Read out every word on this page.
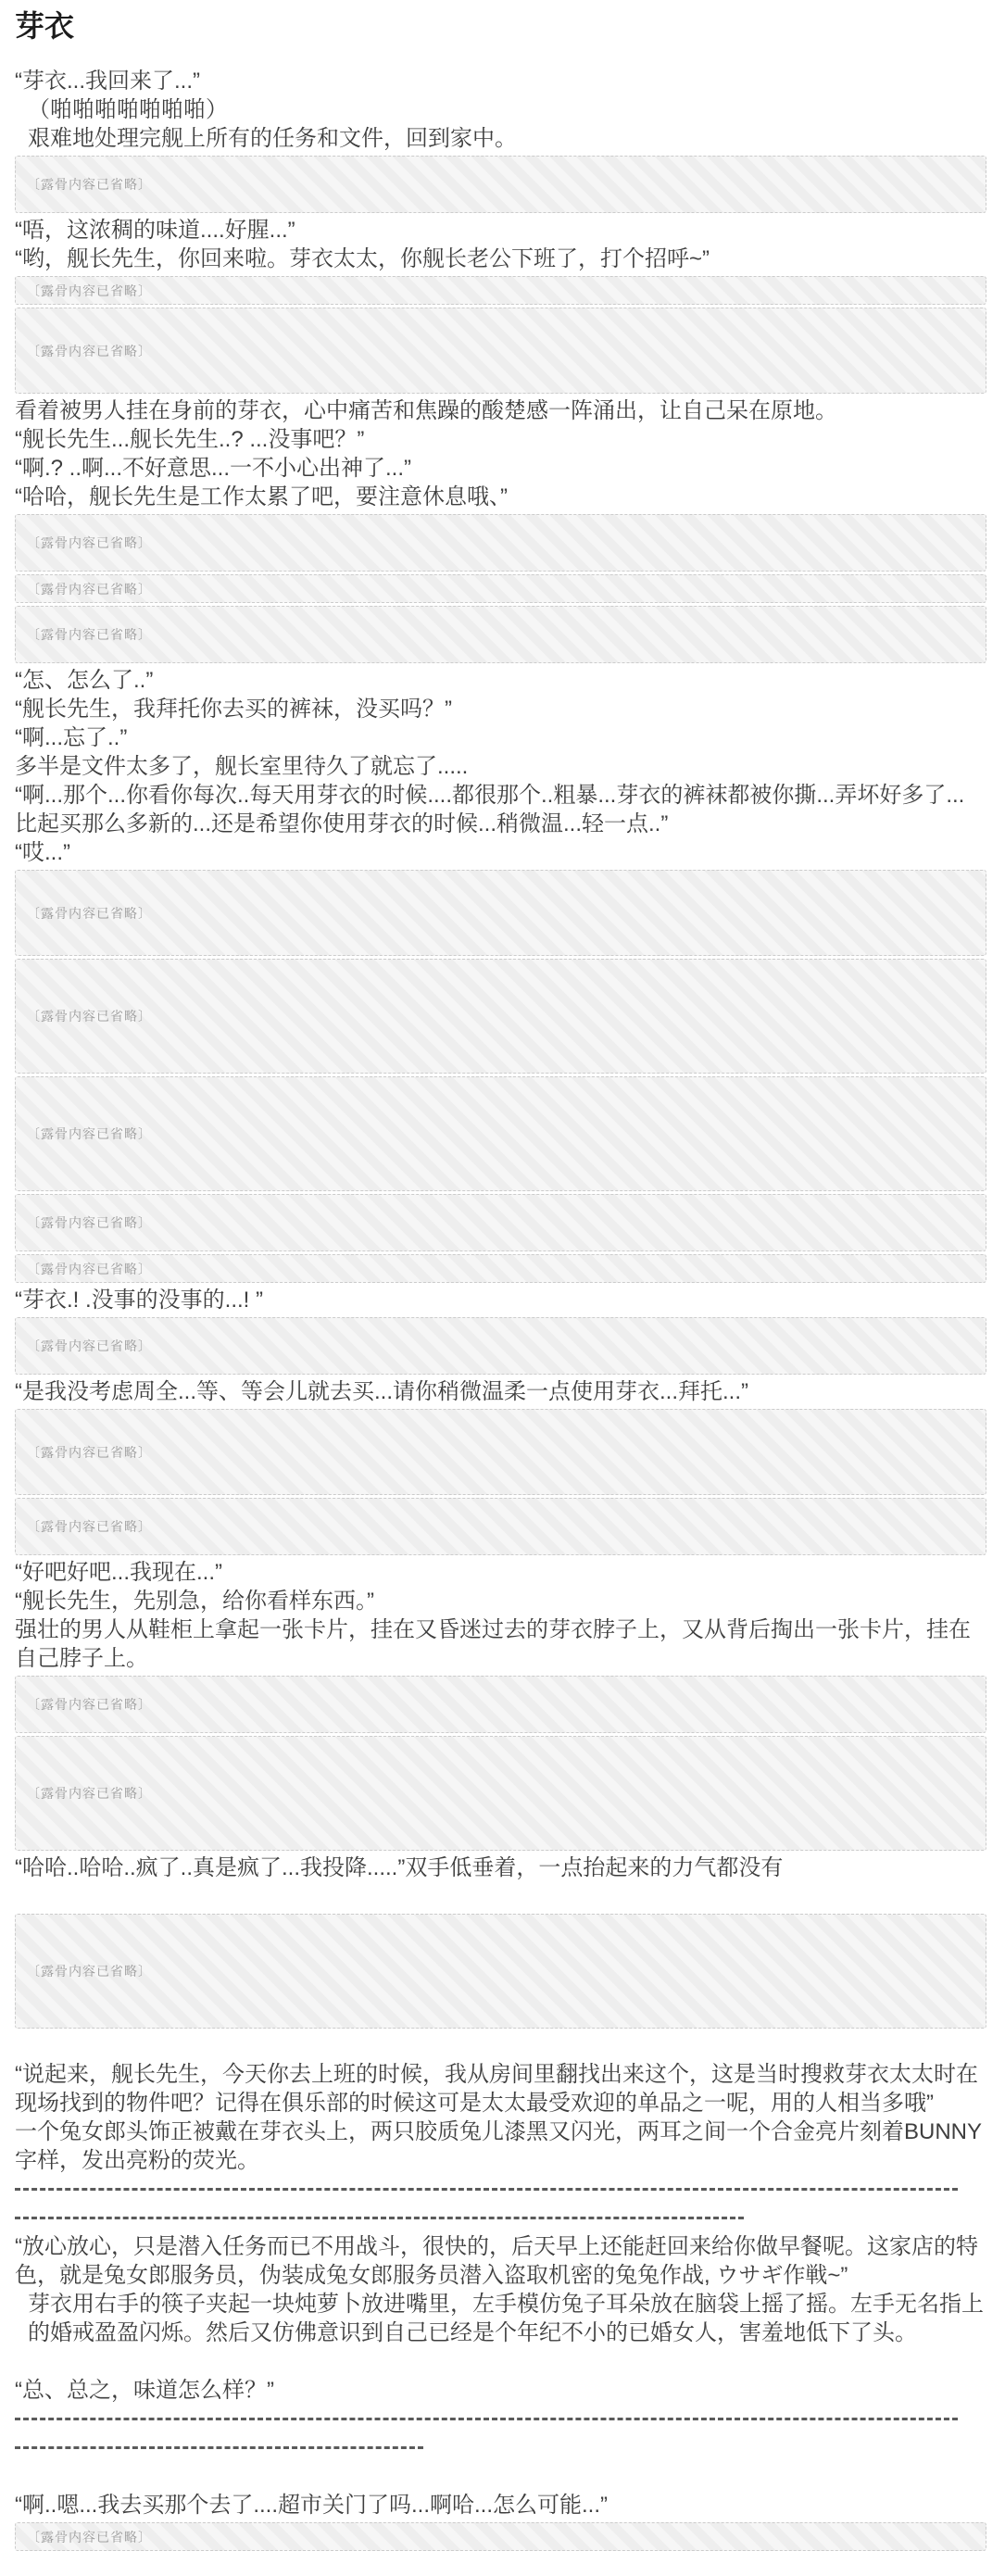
芽衣

“芽衣...我回来了...”

（啪啪啪啪啪啪啪）

艰难地处理完舰上所有的任务和文件，回到家中。

〔露骨内容已省略〕

“唔，这浓稠的味道....好腥...”

“哟，舰长先生，你回来啦。芽衣太太，你舰长老公下班了，打个招呼~”

〔露骨内容已省略〕
〔露骨内容已省略〕

看着被男人挂在身前的芽衣，心中痛苦和焦躁的酸楚感一阵涌出，让自己呆在原地。

“舰长先生...舰长先生..? ...没事吧？”

“啊.? ..啊...不好意思...一不小心出神了...”

“哈哈，舰长先生是工作太累了吧，要注意休息哦、”

〔露骨内容已省略〕
〔露骨内容已省略〕
〔露骨内容已省略〕

“怎、怎么了..”

“舰长先生，我拜托你去买的裤袜，没买吗？”

“啊...忘了..”

多半是文件太多了，舰长室里待久了就忘了.....

“啊...那个...你看你每次..每天用芽衣的时候....都很那个..粗暴...芽衣的裤袜都被你撕...弄坏好多了...比起买那么多新的...还是希望你使用芽衣的时候...稍微温...轻一点..”

“哎...”

〔露骨内容已省略〕
〔露骨内容已省略〕
〔露骨内容已省略〕
〔露骨内容已省略〕
〔露骨内容已省略〕

“芽衣.! .没事的没事的...! ”

〔露骨内容已省略〕

“是我没考虑周全...等、等会儿就去买...请你稍微温柔一点使用芽衣...拜托...”

〔露骨内容已省略〕
〔露骨内容已省略〕

“好吧好吧...我现在...”

“舰长先生，先别急，给你看样东西。”

强壮的男人从鞋柜上拿起一张卡片，挂在又昏迷过去的芽衣脖子上，又从背后掏出一张卡片，挂在自己脖子上。

〔露骨内容已省略〕
〔露骨内容已省略〕

“哈哈..哈哈..疯了..真是疯了...我投降.....”双手低垂着，一点抬起来的力气都没有

〔露骨内容已省略〕

“说起来，舰长先生，今天你去上班的时候，我从房间里翻找出来这个，这是当时搜救芽衣太太时在现场找到的物件吧？记得在俱乐部的时候这可是太太最受欢迎的单品之一呢，用的人相当多哦”

一个兔女郎头饰正被戴在芽衣头上，两只胶质兔儿漆黑又闪光，两耳之间一个合金亮片刻着BUNNY字样，发出亮粉的荧光。

“放心放心，只是潜入任务而已不用战斗，很快的，后天早上还能赶回来给你做早餐呢。这家店的特色，就是兔女郎服务员，伪装成兔女郎服务员潜入盗取机密的兔兔作战, ウサギ作戦~”

芽衣用右手的筷子夹起一块炖萝卜放进嘴里，左手模仿兔子耳朵放在脑袋上摇了摇。左手无名指上的婚戒盈盈闪烁。然后又仿佛意识到自己已经是个年纪不小的已婚女人，害羞地低下了头。

“总、总之，味道怎么样？”

“啊..嗯...我去买那个去了....超市关门了吗...啊哈...怎么可能...”

〔露骨内容已省略〕
